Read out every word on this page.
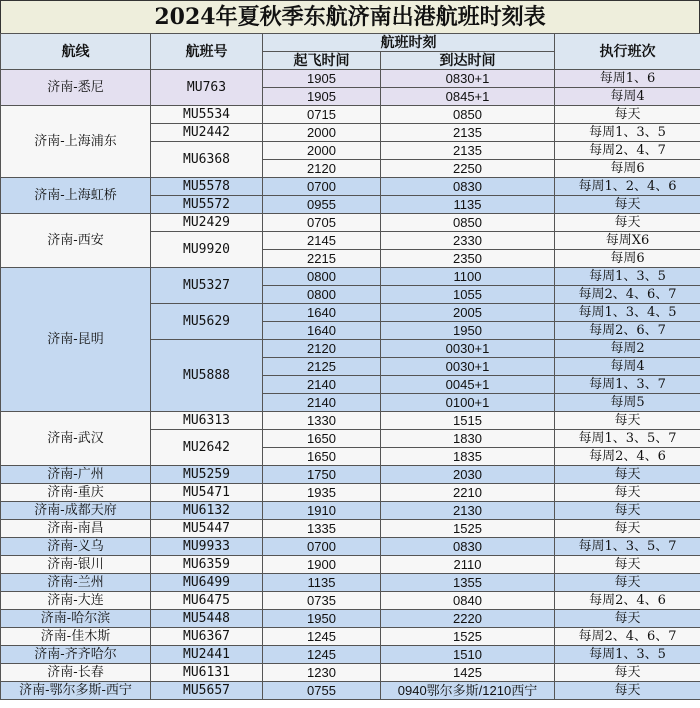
2024年夏秋季东航济南出港航班时刻表
航线	航班号	航班时刻		执行班次
		起飞时间	到达时间	
济南-悉尼	MU763	1905	0830+1	每周1、6
		1905	0845+1	每周4
济南-上海浦东	MU5534	0715	0850	每天
	MU2442	2000	2135	每周1、3、5
	MU6368	2000	2135	每周2、4、7
		2120	2250	每周6
济南-上海虹桥	MU5578	0700	0830	每周1、2、4、6
	MU5572	0955	1135	每天
济南-西安	MU2429	0705	0850	每天
	MU9920	2145	2330	每周X6
		2215	2350	每周6
济南-昆明	MU5327	0800	1100	每周1、3、5
		0800	1055	每周2、4、6、7
	MU5629	1640	2005	每周1、3、4、5
		1640	1950	每周2、6、7
	MU5888	2120	0030+1	每周2
		2125	0030+1	每周4
		2140	0045+1	每周1、3、7
		2140	0100+1	每周5
济南-武汉	MU6313	1330	1515	每天
	MU2642	1650	1830	每周1、3、5、7
		1650	1835	每周2、4、6
济南-广州	MU5259	1750	2030	每天
济南-重庆	MU5471	1935	2210	每天
济南-成都天府	MU6132	1910	2130	每天
济南-南昌	MU5447	1335	1525	每天
济南-义乌	MU9933	0700	0830	每周1、3、5、7
济南-银川	MU6359	1900	2110	每天
济南-兰州	MU6499	1135	1355	每天
济南-大连	MU6475	0735	0840	每周2、4、6
济南-哈尔滨	MU5448	1950	2220	每天
济南-佳木斯	MU6367	1245	1525	每周2、4、6、7
济南-齐齐哈尔	MU2441	1245	1510	每周1、3、5
济南-长春	MU6131	1230	1425	每天
济南-鄂尔多斯-西宁	MU5657	0755	0940鄂尔多斯/1210西宁	每天
